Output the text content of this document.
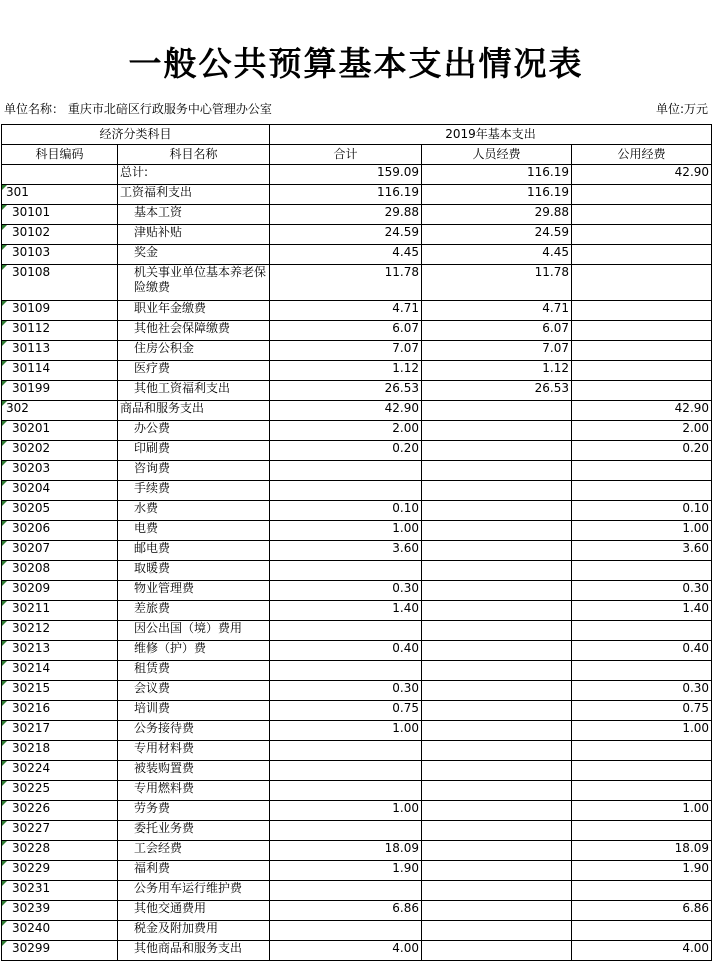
一般公共预算基本支出情况表
单位名称： 重庆市北碚区行政服务中心管理办公室	单位:万元
经济分类科目		2019年基本支出		
科目编码	科目名称	合计	人员经费	公用经费
	总计:	159.09	116.19	42.90
301	工资福利支出	116.19	116.19	
30101	基本工资	29.88	29.88	
30102	津贴补贴	24.59	24.59	
30103	奖金	4.45	4.45	
30108	机关事业单位基本养老保险缴费	11.78	11.78	
30109	职业年金缴费	4.71	4.71	
30112	其他社会保障缴费	6.07	6.07	
30113	住房公积金	7.07	7.07	
30114	医疗费	1.12	1.12	
30199	其他工资福利支出	26.53	26.53	
302	商品和服务支出	42.90		42.90
30201	办公费	2.00		2.00
30202	印刷费	0.20		0.20
30203	咨询费			
30204	手续费			
30205	水费	0.10		0.10
30206	电费	1.00		1.00
30207	邮电费	3.60		3.60
30208	取暖费			
30209	物业管理费	0.30		0.30
30211	差旅费	1.40		1.40
30212	因公出国（境）费用			
30213	维修（护）费	0.40		0.40
30214	租赁费			
30215	会议费	0.30		0.30
30216	培训费	0.75		0.75
30217	公务接待费	1.00		1.00
30218	专用材料费			
30224	被装购置费			
30225	专用燃料费			
30226	劳务费	1.00		1.00
30227	委托业务费			
30228	工会经费	18.09		18.09
30229	福利费	1.90		1.90
30231	公务用车运行维护费			
30239	其他交通费用	6.86		6.86
30240	税金及附加费用			
30299	其他商品和服务支出	4.00		4.00
